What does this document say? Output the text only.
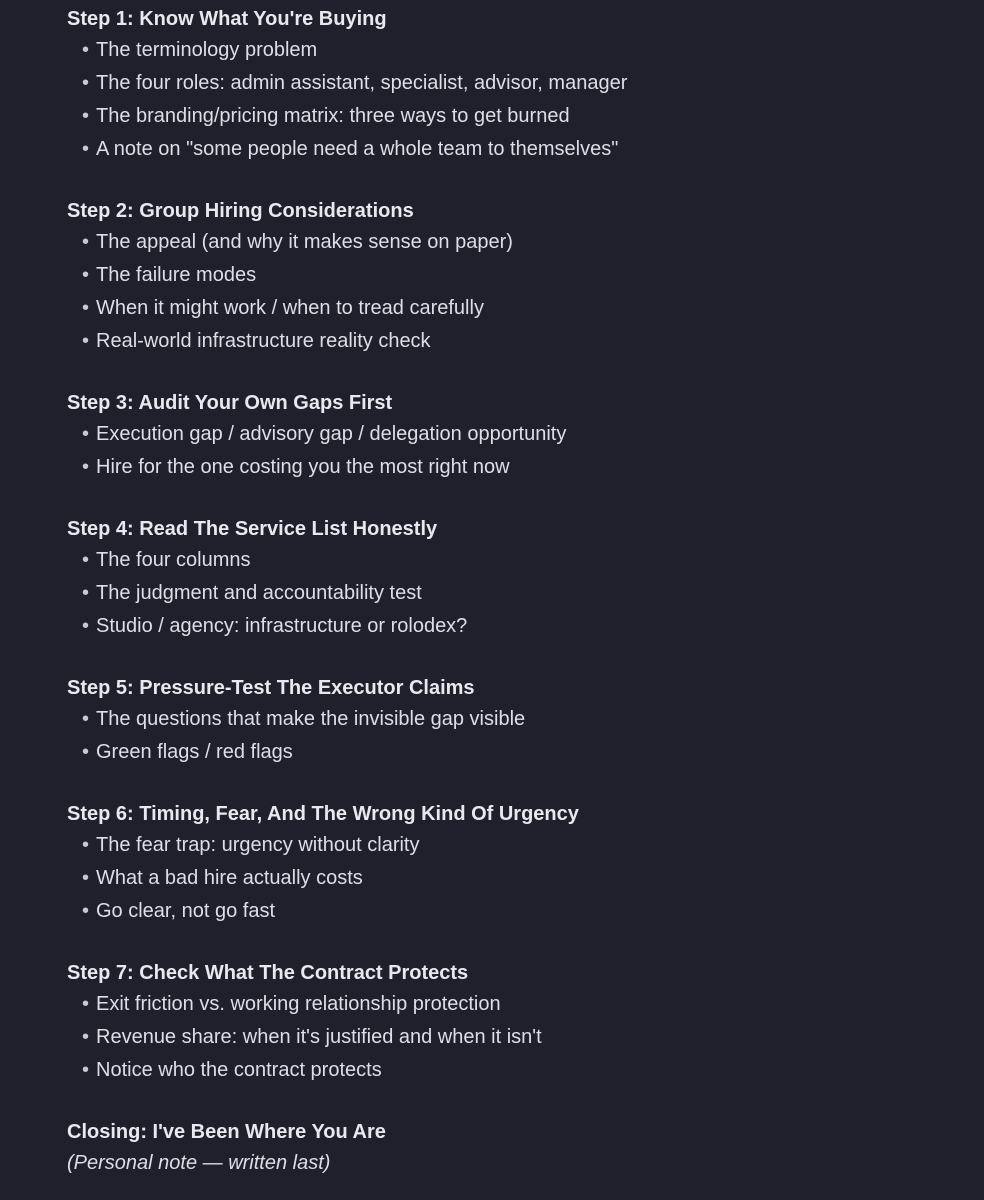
Step 1: Know What You're Buying
• The terminology problem
• The four roles: admin assistant, specialist, advisor, manager
• The branding/pricing matrix: three ways to get burned
• A note on "some people need a whole team to themselves"
Step 2: Group Hiring Considerations
• The appeal (and why it makes sense on paper)
• The failure modes
• When it might work / when to tread carefully
• Real-world infrastructure reality check
Step 3: Audit Your Own Gaps First
• Execution gap / advisory gap / delegation opportunity
• Hire for the one costing you the most right now
Step 4: Read The Service List Honestly
• The four columns
• The judgment and accountability test
• Studio / agency: infrastructure or rolodex?
Step 5: Pressure-Test The Executor Claims
• The questions that make the invisible gap visible
• Green flags / red flags
Step 6: Timing, Fear, And The Wrong Kind Of Urgency
• The fear trap: urgency without clarity
• What a bad hire actually costs
• Go clear, not go fast
Step 7: Check What The Contract Protects
• Exit friction vs. working relationship protection
• Revenue share: when it's justified and when it isn't
• Notice who the contract protects
Closing: I've Been Where You Are
(Personal note — written last)
